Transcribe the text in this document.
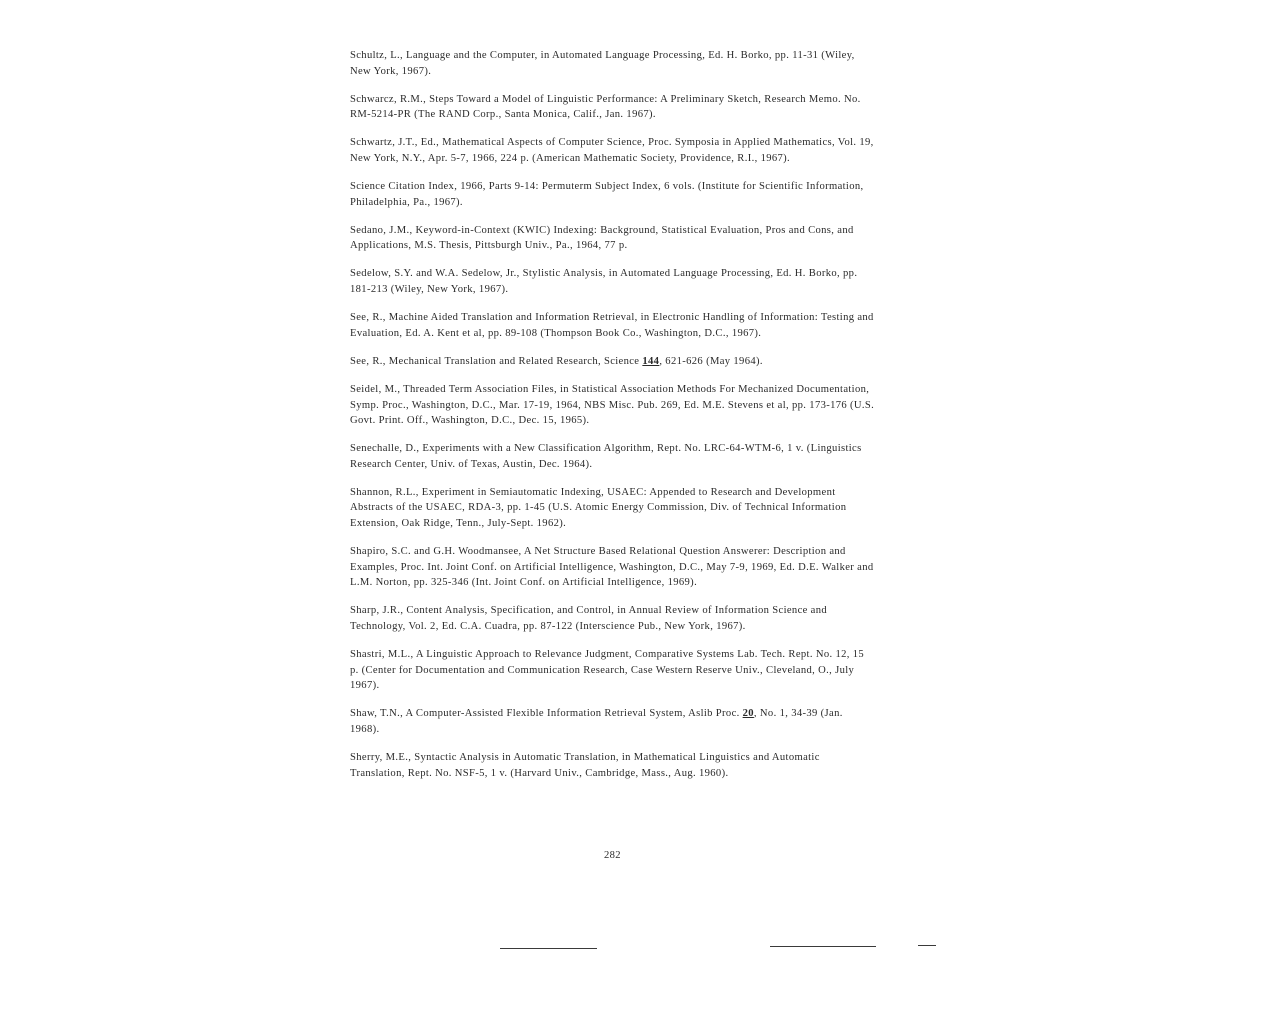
Schultz, L., Language and the Computer, in Automated Language Processing, Ed. H. Borko, pp. 11-31 (Wiley, New York, 1967).
Schwarcz, R.M., Steps Toward a Model of Linguistic Performance: A Preliminary Sketch, Research Memo. No. RM-5214-PR (The RAND Corp., Santa Monica, Calif., Jan. 1967).
Schwartz, J.T., Ed., Mathematical Aspects of Computer Science, Proc. Symposia in Applied Mathematics, Vol. 19, New York, N.Y., Apr. 5-7, 1966, 224 p. (American Mathematic Society, Providence, R.I., 1967).
Science Citation Index, 1966, Parts 9-14: Permuterm Subject Index, 6 vols. (Institute for Scientific Information, Philadelphia, Pa., 1967).
Sedano, J.M., Keyword-in-Context (KWIC) Indexing: Background, Statistical Evaluation, Pros and Cons, and Applications, M.S. Thesis, Pittsburgh Univ., Pa., 1964, 77 p.
Sedelow, S.Y. and W.A. Sedelow, Jr., Stylistic Analysis, in Automated Language Processing, Ed. H. Borko, pp. 181-213 (Wiley, New York, 1967).
See, R., Machine Aided Translation and Information Retrieval, in Electronic Handling of Information: Testing and Evaluation, Ed. A. Kent et al, pp. 89-108 (Thompson Book Co., Washington, D.C., 1967).
See, R., Mechanical Translation and Related Research, Science 144, 621-626 (May 1964).
Seidel, M., Threaded Term Association Files, in Statistical Association Methods For Mechanized Documentation, Symp. Proc., Washington, D.C., Mar. 17-19, 1964, NBS Misc. Pub. 269, Ed. M.E. Stevens et al, pp. 173-176 (U.S. Govt. Print. Off., Washington, D.C., Dec. 15, 1965).
Senechalle, D., Experiments with a New Classification Algorithm, Rept. No. LRC-64-WTM-6, 1 v. (Linguistics Research Center, Univ. of Texas, Austin, Dec. 1964).
Shannon, R.L., Experiment in Semiautomatic Indexing, USAEC: Appended to Research and Development Abstracts of the USAEC, RDA-3, pp. 1-45 (U.S. Atomic Energy Commission, Div. of Technical Information Extension, Oak Ridge, Tenn., July-Sept. 1962).
Shapiro, S.C. and G.H. Woodmansee, A Net Structure Based Relational Question Answerer: Description and Examples, Proc. Int. Joint Conf. on Artificial Intelligence, Washington, D.C., May 7-9, 1969, Ed. D.E. Walker and L.M. Norton, pp. 325-346 (Int. Joint Conf. on Artificial Intelligence, 1969).
Sharp, J.R., Content Analysis, Specification, and Control, in Annual Review of Information Science and Technology, Vol. 2, Ed. C.A. Cuadra, pp. 87-122 (Interscience Pub., New York, 1967).
Shastri, M.L., A Linguistic Approach to Relevance Judgment, Comparative Systems Lab. Tech. Rept. No. 12, 15 p. (Center for Documentation and Communication Research, Case Western Reserve Univ., Cleveland, O., July 1967).
Shaw, T.N., A Computer-Assisted Flexible Information Retrieval System, Aslib Proc. 20, No. 1, 34-39 (Jan. 1968).
Sherry, M.E., Syntactic Analysis in Automatic Translation, in Mathematical Linguistics and Automatic Translation, Rept. No. NSF-5, 1 v. (Harvard Univ., Cambridge, Mass., Aug. 1960).
282
